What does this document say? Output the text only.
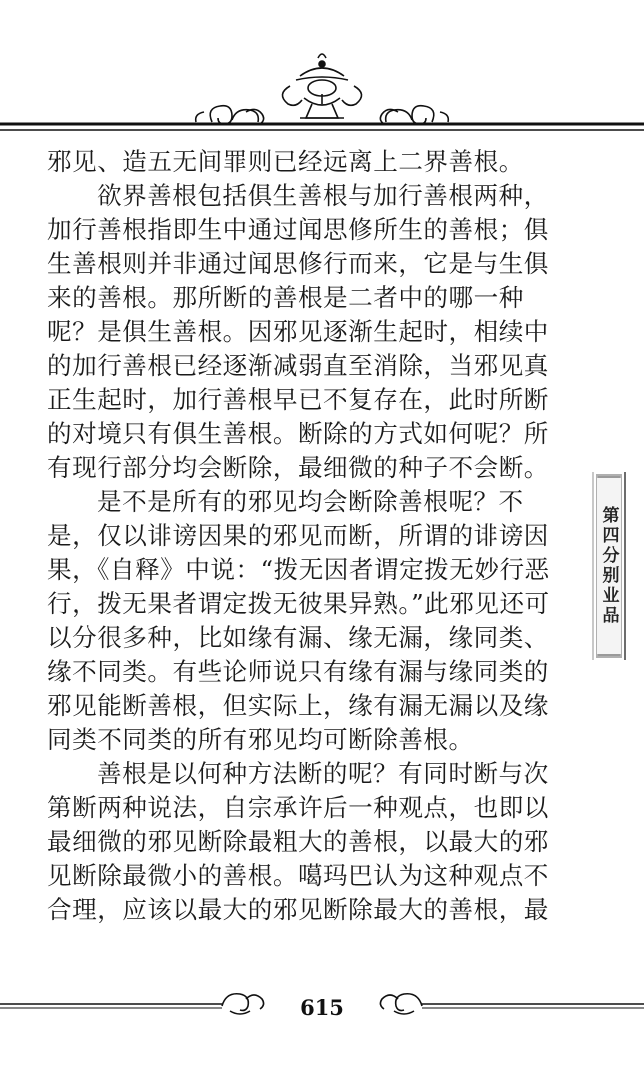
邪见、造五无间罪则已经远离上二界善根。
欲界善根包括俱生善根与加行善根两种，
加行善根指即生中通过闻思修所生的善根；俱
生善根则并非通过闻思修行而来，它是与生俱
来的善根。那所断的善根是二者中的哪一种
呢？是俱生善根。因邪见逐渐生起时，相续中
的加行善根已经逐渐减弱直至消除，当邪见真
正生起时，加行善根早已不复存在，此时所断
的对境只有俱生善根。断除的方式如何呢？所
有现行部分均会断除，最细微的种子不会断。
是不是所有的邪见均会断除善根呢？不
是，仅以诽谤因果的邪见而断，所谓的诽谤因
果，《自释》中说：“拨无因者谓定拨无妙行恶
行，拨无果者谓定拨无彼果异熟。”此邪见还可
以分很多种，比如缘有漏、缘无漏，缘同类、
缘不同类。有些论师说只有缘有漏与缘同类的
邪见能断善根，但实际上，缘有漏无漏以及缘
同类不同类的所有邪见均可断除善根。
善根是以何种方法断的呢？有同时断与次
第断两种说法，自宗承许后一种观点，也即以
最细微的邪见断除最粗大的善根，以最大的邪
见断除最微小的善根。噶玛巴认为这种观点不
合理，应该以最大的邪见断除最大的善根，最
第四分别业品
615
